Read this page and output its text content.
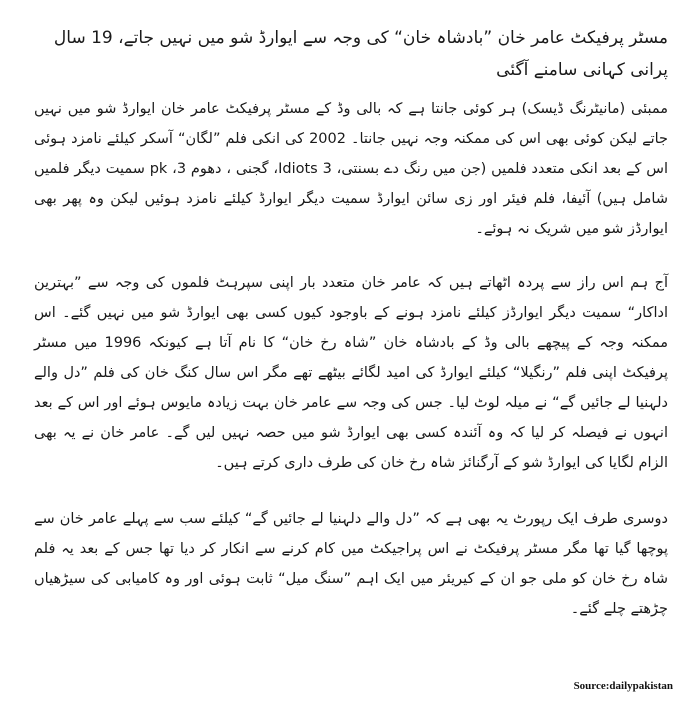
مسٹر پرفیکٹ عامر خان ”بادشاہ خان“ کی وجہ سے ایوارڈ شو میں نہیں جاتے، 19 سال پرانی کہانی سامنے آگئی

ممبئی (مانیٹرنگ ڈیسک) ہر کوئی جانتا ہے کہ بالی وڈ کے مسٹر پرفیکٹ عامر خان ایوارڈ شو میں نہیں جاتے لیکن کوئی بھی اس کی ممکنہ وجہ نہیں جانتا۔ 2002 کی انکی فلم ”لگان“ آسکر کیلئے نامزد ہوئی اس کے بعد انکی متعدد فلمیں (جن میں رنگ دے بسنتی، 3 Idiots، گجنی ، دھوم 3، pk سمیت دیگر فلمیں شامل ہیں) آئیفا، فلم فیئر اور زی سائن ایوارڈ سمیت دیگر ایوارڈ کیلئے نامزد ہوئیں لیکن وہ پھر بھی ایوارڈز شو میں شریک نہ ہوئے۔

آج ہم اس راز سے پردہ اٹھاتے ہیں کہ عامر خان متعدد بار اپنی سپرہٹ فلموں کی وجہ سے ”بہترین اداکار“ سمیت دیگر ایوارڈز کیلئے نامزد ہونے کے باوجود کیوں کسی بھی ایوارڈ شو میں نہیں گئے۔ اس ممکنہ وجہ کے پیچھے بالی وڈ کے بادشاہ خان ”شاہ رخ خان“ کا نام آتا ہے کیونکہ 1996 میں مسٹر پرفیکٹ اپنی فلم ”رنگیلا“ کیلئے ایوارڈ کی امید لگائے بیٹھے تھے مگر اس سال کنگ خان کی فلم ”دل والے دلہنیا لے جائیں گے“ نے میلہ لوٹ لیا۔ جس کی وجہ سے عامر خان بہت زیادہ مایوس ہوئے اور اس کے بعد انہوں نے فیصلہ کر لیا کہ وہ آئندہ کسی بھی ایوارڈ شو میں حصہ نہیں لیں گے۔ عامر خان نے یہ بھی الزام لگایا کی ایوارڈ شو کے آرگنائز شاہ رخ خان کی طرف داری کرتے ہیں۔

دوسری طرف ایک رپورٹ یہ بھی ہے کہ ”دل والے دلہنیا لے جائیں گے“ کیلئے سب سے پہلے عامر خان سے پوچھا گیا تھا مگر مسٹر پرفیکٹ نے اس پراجیکٹ میں کام کرنے سے انکار کر دیا تھا جس کے بعد یہ فلم شاہ رخ خان کو ملی جو ان کے کیریئر میں ایک اہم ”سنگ میل“ ثابت ہوئی اور وہ کامیابی کی سیڑھیاں چڑھتے چلے گئے۔

Source:dailypakistan
